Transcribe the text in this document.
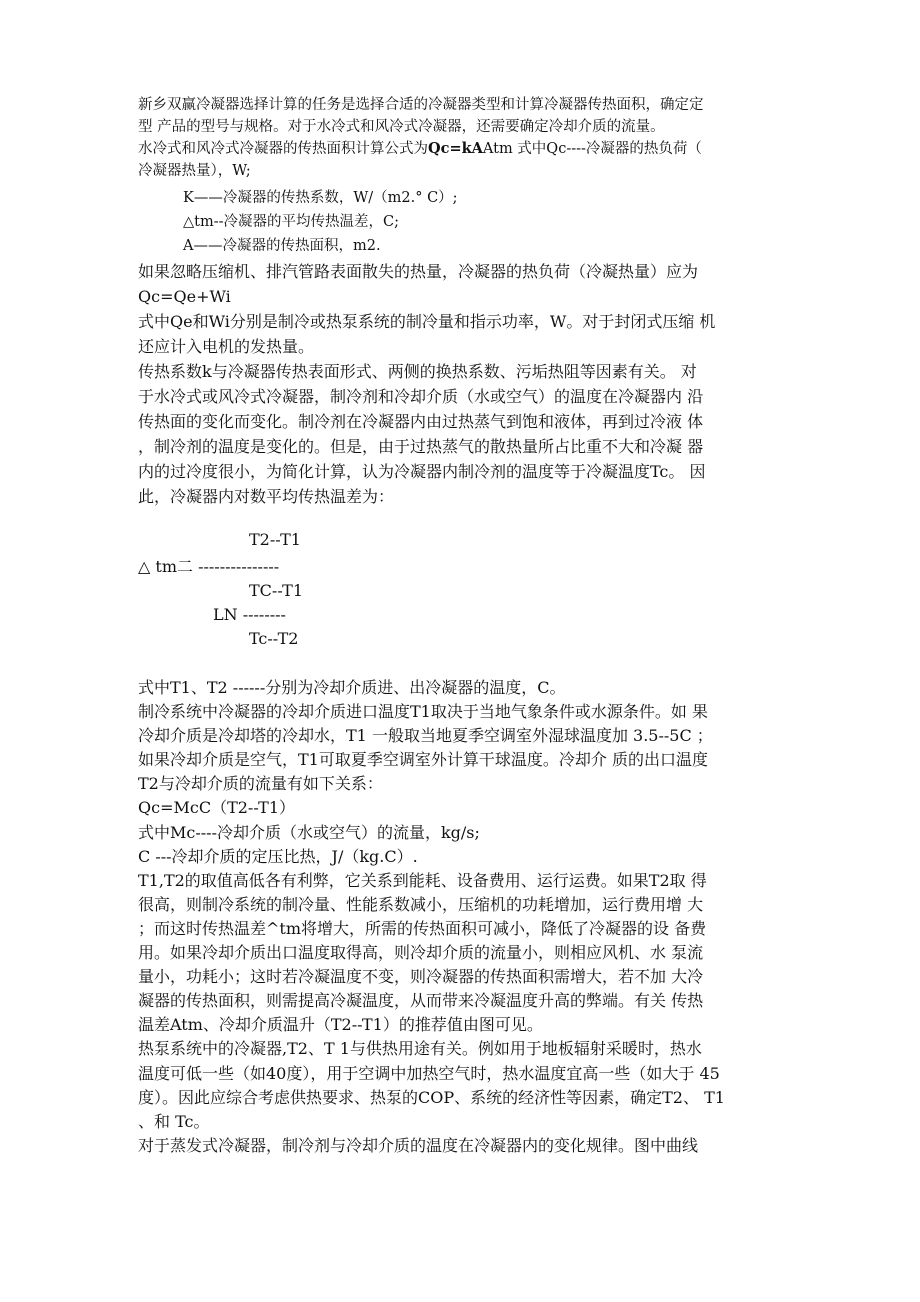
新乡双赢冷凝器选择计算的任务是选择合适的冷凝器类型和计算冷凝器传热面积，确定定
型 产品的型号与规格。对于水冷式和风冷式冷凝器，还需要确定冷却介质的流量。
水冷式和风冷式冷凝器的传热面积计算公式为Qc=kAAtm 式中Qc----冷凝器的热负荷（
冷凝器热量），W;
K——冷凝器的传热系数，W/（m2.° C）;
△tm--冷凝器的平均传热温差，C;
A——冷凝器的传热面积，m2.
如果忽略压缩机、排汽管路表面散失的热量，冷凝器的热负荷（冷凝热量）应为
Qc=Qe+Wi
式中Qe和Wi分别是制冷或热泵系统的制冷量和指示功率，W。对于封闭式压缩 机
还应计入电机的发热量。
传热系数k与冷凝器传热表面形式、两侧的换热系数、污垢热阻等因素有关。 对
于水冷式或风冷式冷凝器，制冷剂和冷却介质（水或空气）的温度在冷凝器内 沿
传热面的变化而变化。制冷剂在冷凝器内由过热蒸气到饱和液体，再到过冷液 体
，制冷剂的温度是变化的。但是，由于过热蒸气的散热量所占比重不大和冷凝 器
内的过冷度很小，为简化计算，认为冷凝器内制冷剂的温度等于冷凝温度Tc。 因
此，冷凝器内对数平均传热温差为：
T2--T1
△ tm二 ---------------
TC--T1
LN --------
Tc--T2
式中T1、T2 ------分别为冷却介质进、出冷凝器的温度，C。
制冷系统中冷凝器的冷却介质进口温度T1取决于当地气象条件或水源条件。如 果
冷却介质是冷却塔的冷却水，T1 一般取当地夏季空调室外湿球温度加 3.5--5C ；
如果冷却介质是空气，T1可取夏季空调室外计算干球温度。冷却介 质的出口温度
T2与冷却介质的流量有如下关系：
Qc=McC（T2--T1）
式中Mc----冷却介质（水或空气）的流量，kg/s;
C ---冷却介质的定压比热，J/（kg.C）.
T1,T2的取值高低各有利弊，它关系到能耗、设备费用、运行运费。如果T2取 得
很高，则制冷系统的制冷量、性能系数减小，压缩机的功耗增加，运行费用增 大
；而这时传热温差^tm将增大，所需的传热面积可减小，降低了冷凝器的设 备费
用。如果冷却介质出口温度取得高，则冷却介质的流量小，则相应风机、水 泵流
量小，功耗小；这时若冷凝温度不变，则冷凝器的传热面积需增大，若不加 大冷
凝器的传热面积，则需提高冷凝温度，从而带来冷凝温度升高的弊端。有关 传热
温差Atm、冷却介质温升（T2--T1）的推荐值由图可见。
热泵系统中的冷凝器,T2、T 1与供热用途有关。例如用于地板辐射采暖时，热水
温度可低一些（如40度），用于空调中加热空气时，热水温度宜高一些（如大于 45
度）。因此应综合考虑供热要求、热泵的COP、系统的经济性等因素，确定T2、 T1
、和 Tc。
对于蒸发式冷凝器，制冷剂与冷却介质的温度在冷凝器内的变化规律。图中曲线
